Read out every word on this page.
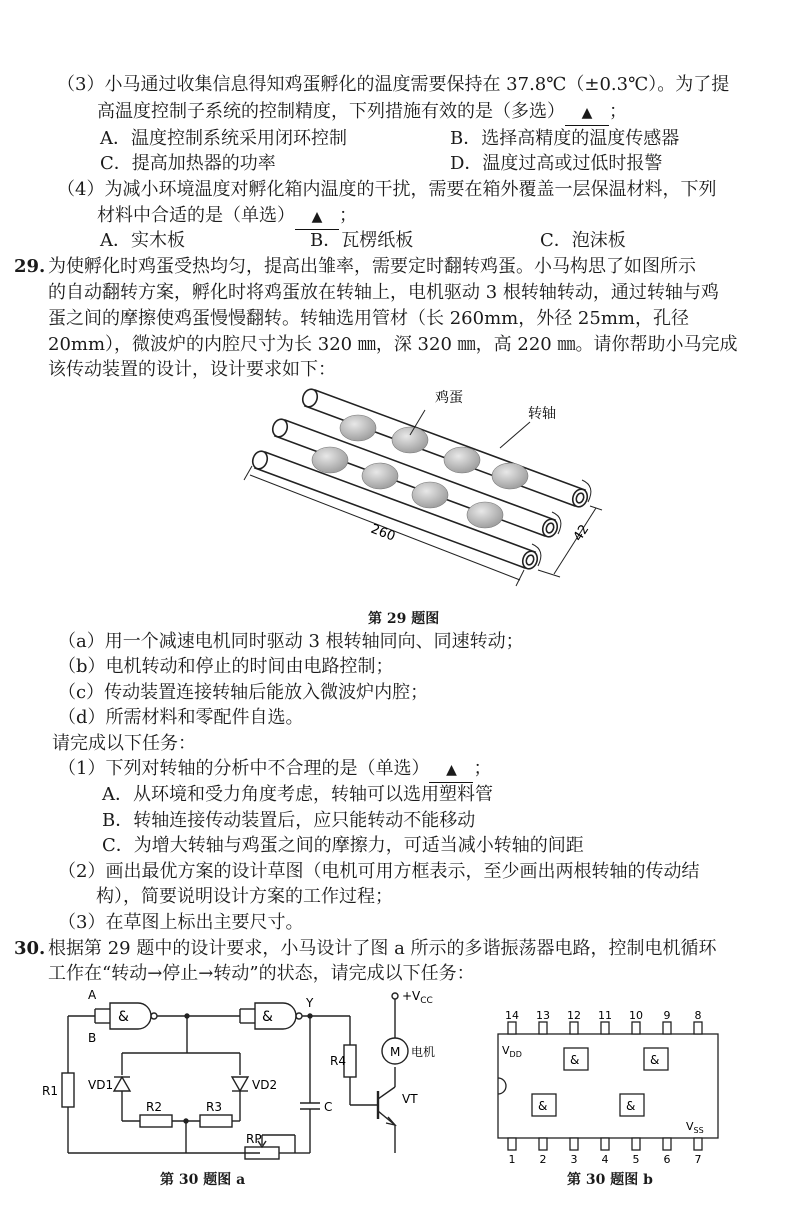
（3）小马通过收集信息得知鸡蛋孵化的温度需要保持在 37.8℃（±0.3℃）。为了提
高温度控制子系统的控制精度，下列措施有效的是（多选） ▲ ；
A．温度控制系统采用闭环控制	B．选择高精度的温度传感器
C．提高加热器的功率	D．温度过高或过低时报警
（4）为减小环境温度对孵化箱内温度的干扰，需要在箱外覆盖一层保温材料，下列
材料中合适的是（单选） ▲ ；
A．实木板	B．瓦楞纸板	C．泡沫板
29. 为使孵化时鸡蛋受热均匀，提高出雏率，需要定时翻转鸡蛋。小马构思了如图所示
的自动翻转方案，孵化时将鸡蛋放在转轴上，电机驱动 3 根转轴转动，通过转轴与鸡
蛋之间的摩擦使鸡蛋慢慢翻转。转轴选用管材（长 260mm，外径 25mm，孔径
20mm），微波炉的内腔尺寸为长 320 ㎜，深 320 ㎜，高 220 ㎜。请你帮助小马完成
该传动装置的设计，设计要求如下：
鸡蛋
转轴
260	42
第 29 题图
（a）用一个减速电机同时驱动 3 根转轴同向、同速转动；
（b）电机转动和停止的时间由电路控制；
（c）传动装置连接转轴后能放入微波炉内腔；
（d）所需材料和零配件自选。
请完成以下任务：
（1）下列对转轴的分析中不合理的是（单选） ▲ ；
A．从环境和受力角度考虑，转轴可以选用塑料管
B．转轴连接传动装置后，应只能转动不能移动
C．为增大转轴与鸡蛋之间的摩擦力，可适当减小转轴的间距
（2）画出最优方案的设计草图（电机可用方框表示，至少画出两根转轴的传动结
构），简要说明设计方案的工作过程；
（3）在草图上标出主要尺寸。
30. 根据第 29 题中的设计要求，小马设计了图 a 所示的多谐振荡器电路，控制电机循环
工作在“转动→停止→转动”的状态，请完成以下任务：
A
B
&	&
Y
R1	VD1	VD2
R2	R3
RP
C
R4
VT
M 电机
$+V_{CC}$
第 30 题图 a
$V_{DD}$
$V_{SS}$
&	&
&	&
14 13 12 11 10 9 8
1 2 3 4 5 6 7
第 30 题图 b
